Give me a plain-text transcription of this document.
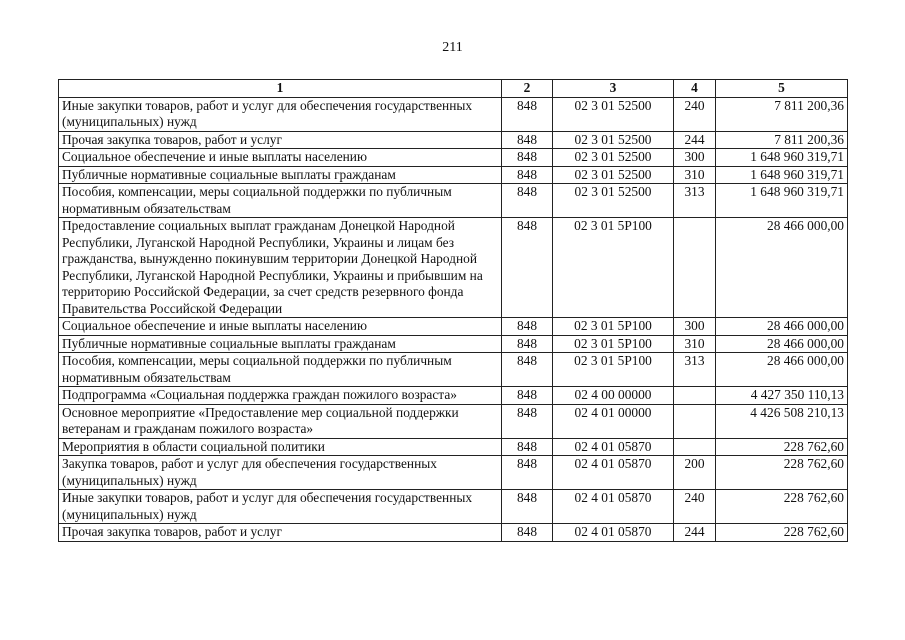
211
1	2	3	4	5
Иные закупки товаров, работ и услуг для обеспечения государственных (муниципальных) нужд	848	02 3 01 52500	240	7 811 200,36
Прочая закупка товаров, работ и услуг	848	02 3 01 52500	244	7 811 200,36
Социальное обеспечение и иные выплаты населению	848	02 3 01 52500	300	1 648 960 319,71
Публичные нормативные социальные выплаты гражданам	848	02 3 01 52500	310	1 648 960 319,71
Пособия, компенсации, меры социальной поддержки по публичным нормативным обязательствам	848	02 3 01 52500	313	1 648 960 319,71
Предоставление социальных выплат гражданам Донецкой Народной Республики, Луганской Народной Республики, Украины и лицам без гражданства, вынужденно покинувшим территории Донецкой Народной Республики, Луганской Народной Республики, Украины и прибывшим на территорию Российской Федерации, за счет средств резервного фонда Правительства Российской Федерации	848	02 3 01 5Р100		28 466 000,00
Социальное обеспечение и иные выплаты населению	848	02 3 01 5Р100	300	28 466 000,00
Публичные нормативные социальные выплаты гражданам	848	02 3 01 5Р100	310	28 466 000,00
Пособия, компенсации, меры социальной поддержки по публичным нормативным обязательствам	848	02 3 01 5Р100	313	28 466 000,00
Подпрограмма «Социальная поддержка граждан пожилого возраста»	848	02 4 00 00000		4 427 350 110,13
Основное мероприятие «Предоставление мер социальной поддержки ветеранам и гражданам пожилого возраста»	848	02 4 01 00000		4 426 508 210,13
Мероприятия в области социальной политики	848	02 4 01 05870		228 762,60
Закупка товаров, работ и услуг для обеспечения государственных (муниципальных) нужд	848	02 4 01 05870	200	228 762,60
Иные закупки товаров, работ и услуг для обеспечения государственных (муниципальных) нужд	848	02 4 01 05870	240	228 762,60
Прочая закупка товаров, работ и услуг	848	02 4 01 05870	244	228 762,60
